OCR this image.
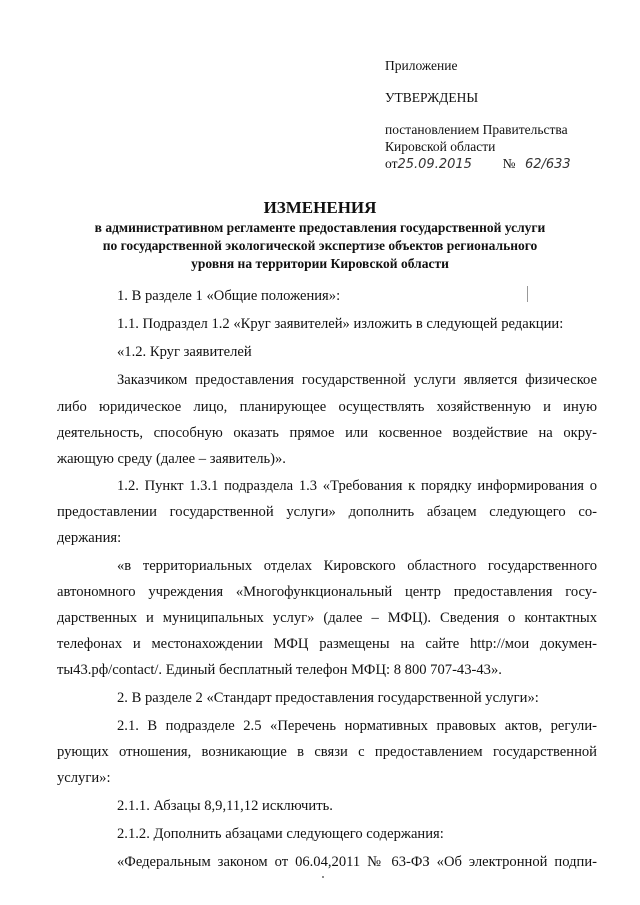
Приложение
УТВЕРЖДЕНЫ
постановлением Правительства
Кировской области
от25.09.2015 № 62/633
ИЗМЕНЕНИЯ
в административном регламенте предоставления государственной услуги
по государственной экологической экспертизе объектов регионального
уровня на территории Кировской области
1. В разделе 1 «Общие положения»:
1.1. Подраздел 1.2 «Круг заявителей» изложить в следующей редакции:
«1.2. Круг заявителей
Заказчиком предоставления государственной услуги является физическое
либо юридическое лицо, планирующее осуществлять хозяйственную и иную
деятельность, способную оказать прямое или косвенное воздействие на окру-
жающую среду (далее – заявитель)».
1.2. Пункт 1.3.1 подраздела 1.3 «Требования к порядку информирования о
предоставлении государственной услуги» дополнить абзацем следующего со-
держания:
«в территориальных отделах Кировского областного государственного
автономного учреждения «Многофункциональный центр предоставления госу-
дарственных и муниципальных услуг» (далее – МФЦ). Сведения о контактных
телефонах и местонахождении МФЦ размещены на сайте http://мои докумен-
ты43.рф/contact/. Единый бесплатный телефон МФЦ: 8 800 707-43-43».
2. В разделе 2 «Стандарт предоставления государственной услуги»:
2.1. В подразделе 2.5 «Перечень нормативных правовых актов, регули-
рующих отношения, возникающие в связи с предоставлением государственной
услуги»:
2.1.1. Абзацы 8,9,11,12 исключить.
2.1.2. Дополнить абзацами следующего содержания:
«Федеральным законом от 06.04,2011 № 63-ФЗ «Об электронной подпи-
